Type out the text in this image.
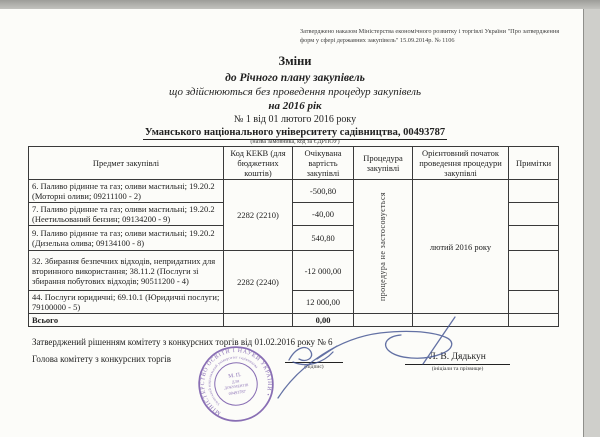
Затверджено наказом Міністерства економічного розвитку і торгівлі України "Про затвердження форм у сфері державних закупівель" 15.09.2014р. № 1106
Зміни
до Річного плану закупівель
що здійснюються без проведення процедур закупівель
на 2016 рік
№ 1 від 01 лютого 2016 року
Уманського національного університету садівництва, 00493787
(назва замовника, код за ЄДРПОУ)
Предмет закупівлі	Код КЕКВ (для бюджетних коштів)	Очікувана вартість закупівлі	Процедура закупівлі	Орієнтовний початок проведення процедури закупівлі	Примітки
6. Паливо рідинне та газ; оливи мастильні; 19.20.2 (Моторні оливи; 09211100 - 2)	2282 (2210)	-500,80	процедура не застосовується	лютий 2016 року	
7. Паливо рідинне та газ; оливи мастильні; 19.20.2 (Неетильований бензин; 09134200 - 9)		-40,00			
9. Паливо рідинне та газ; оливи мастильні; 19.20.2 (Дизельна олива; 09134100 - 8)		540,80			
32. Збирання безпечних відходів, непридатних для вторинного використання; 38.11.2 (Послуги зі збирання побутових відходів; 90511200 - 4)	2282 (2240)	-12 000,00			
44. Послуги юридичні; 69.10.1 (Юридичні послуги; 79100000 - 5)		12 000,00			
Всього		0,00			
Затверджений рішенням комітету з конкурсних торгів від 01.02.2016 року № 6
Голова комітету з конкурсних торгів
(підпис)
Л. В. Дядькун
(ініціали та прізвище)
МІНІСТЕРСТВО ОСВІТИ І НАУКИ УКРАЇНИ •
Уманський національний університет садівництва
М. П.
ДЛЯ
ДОКУМЕНТІВ
00493787
